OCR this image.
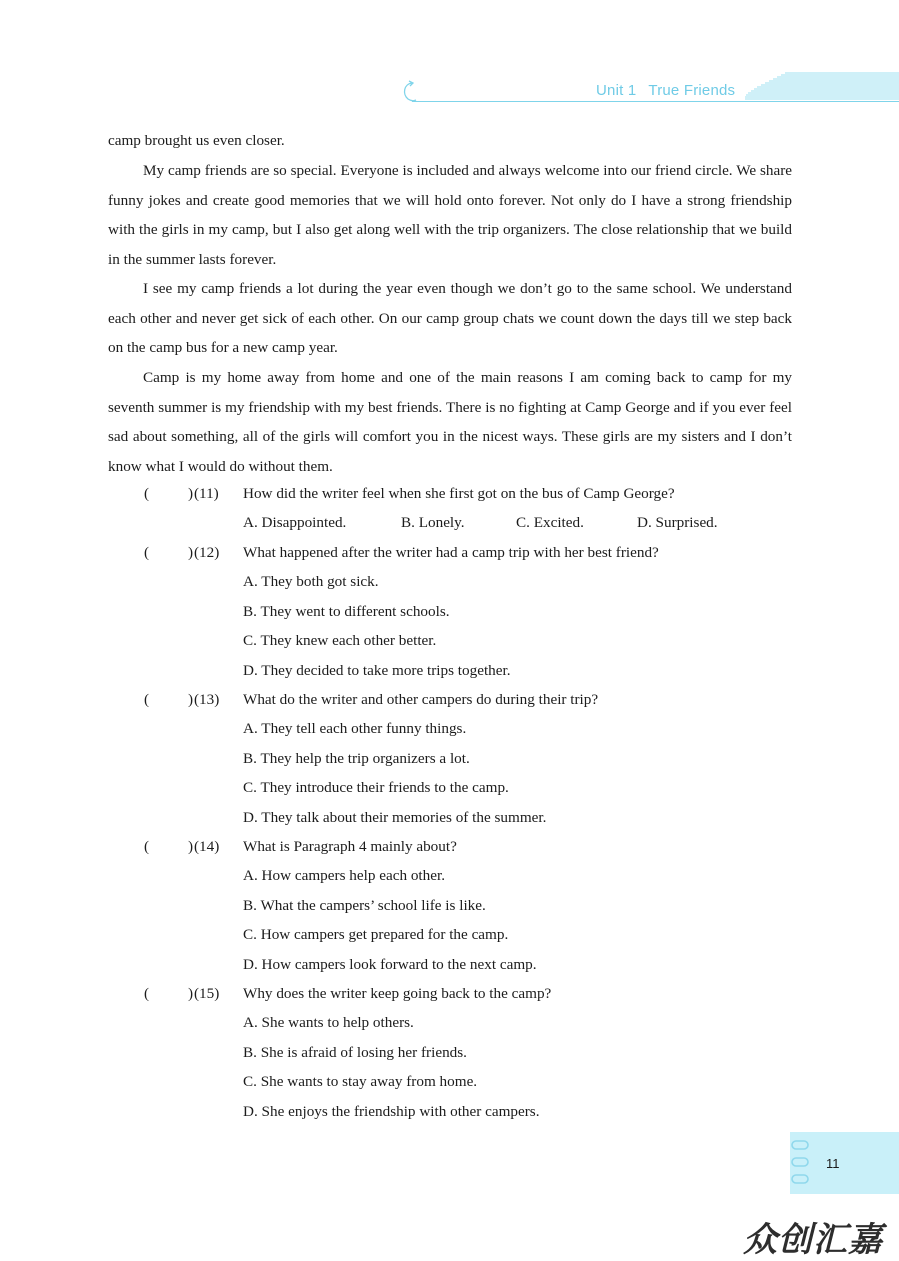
Unit 1 True Friends

camp brought us even closer.

My camp friends are so special. Everyone is included and always welcome into our friend circle. We share funny jokes and create good memories that we will hold onto forever. Not only do I have a strong friendship with the girls in my camp, but I also get along well with the trip organizers. The close relationship that we build in the summer lasts forever.

I see my camp friends a lot during the year even though we don’t go to the same school. We understand each other and never get sick of each other. On our camp group chats we count down the days till we step back on the camp bus for a new camp year.

Camp is my home away from home and one of the main reasons I am coming back to camp for my seventh summer is my friendship with my best friends. There is no fighting at Camp George and if you ever feel sad about something, all of the girls will comfort you in the nicest ways. These girls are my sisters and I don’t know what I would do without them.

(	) (11) How did the writer feel when she first got on the bus of Camp George?
A. Disappointed.	B. Lonely.	C. Excited.	D. Surprised.
(	) (12) What happened after the writer had a camp trip with her best friend?
A. They both got sick.
B. They went to different schools.
C. They knew each other better.
D. They decided to take more trips together.
(	) (13) What do the writer and other campers do during their trip?
A. They tell each other funny things.
B. They help the trip organizers a lot.
C. They introduce their friends to the camp.
D. They talk about their memories of the summer.
(	) (14) What is Paragraph 4 mainly about?
A. How campers help each other.
B. What the campers’ school life is like.
C. How campers get prepared for the camp.
D. How campers look forward to the next camp.
(	) (15) Why does the writer keep going back to the camp?
A. She wants to help others.
B. She is afraid of losing her friends.
C. She wants to stay away from home.
D. She enjoys the friendship with other campers.
11
众创汇嘉
